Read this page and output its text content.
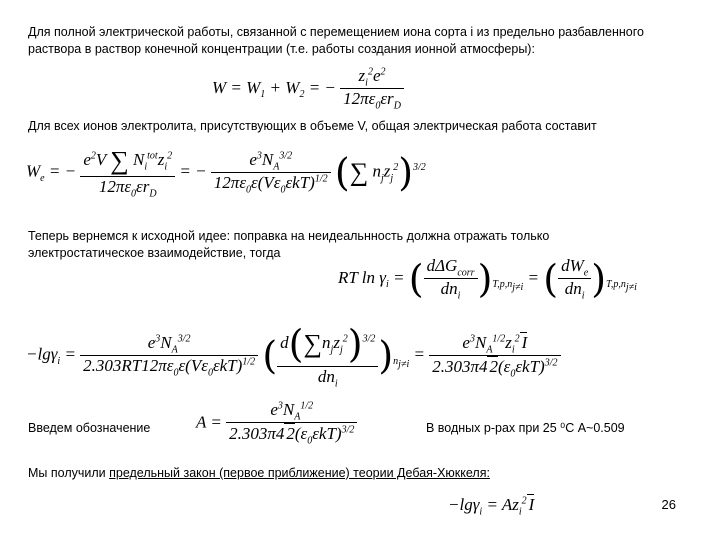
Для полной электрической работы, связанной с перемещением иона сорта i из предельно разбавленного раствора в раствор конечной концентрации (т.е. работы создания ионной атмосферы):
$W = W_1 + W_2$ = − $\frac{z_i^2e^2}{12\pi\varepsilon_0\varepsilon r_D}$
Для всех ионов электролита, присутствующих в объеме V, общая электрическая работа составит
$W_e$ = − $\frac{e^2V \sum N_i^{tot}z_i^2}{12\pi\varepsilon_0\varepsilon r_D}$ = − $\frac{e^3N_A^{3/2}}{12\pi\varepsilon_0\varepsilon(V\varepsilon_0\varepsilon kT)^{1/2}}$ (∑ $n_jz_j^2)^{3/2}$
Теперь вернемся к исходной идее: поправка на неидеальнность должна отражать только электростатическое взаимодействие, тогда
RT $\ln \gamma_i$ = ( $\frac{d\Delta G_{corr}}{dn_i} )_{T,p,n_{j\ne i}}$ = ( $\frac{dW_e}{dn_i} )_{T,p,n_{j\ne i}}$
$-\lg\gamma_i = \frac{e^3N_A^{3/2}}{2.303RT12\pi\varepsilon_0\varepsilon(V\varepsilon_0\varepsilon kT)^{1/2}}$ ( $\frac{d(\sum n_jz_j^2)^{3/2}}{dn_i} )_{n_{j\ne i}} = \frac{e^3N_A^{1/2}z_i^2 I}{2.303\pi 4 2(\varepsilon_0\varepsilon kT)^{3/2}}$
Введем обозначение	$A = \frac{e^3N_A^{1/2}}{2.303\pi 4 2(\varepsilon_0\varepsilon kT)^{3/2}}$	В водных р-рах при 25 ⁰С A~0.509
Мы получили предельный закон (первое приближение) теории Дебая-Хюккеля:
$-\lg\gamma_i = Az_i^2$ I	26
